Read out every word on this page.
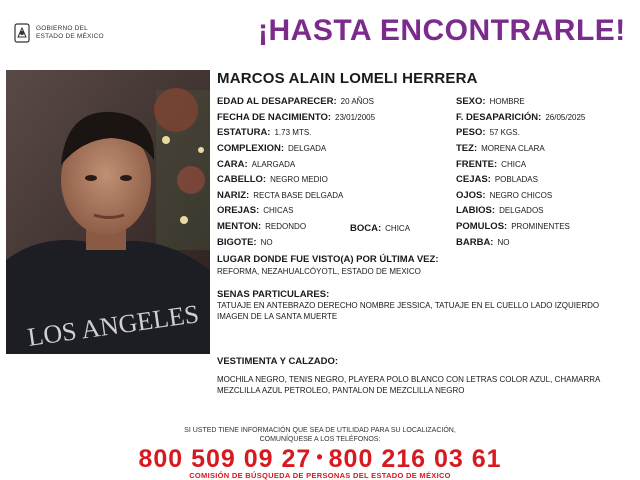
GOBIERNO DEL
ESTADO DE MÉXICO	¡HASTA ENCONTRARLE!
LOS ANGELES
MARCOS ALAIN LOMELI HERRERA
EDAD AL DESAPARECER: 20 AÑOS	SEXO: HOMBRE
FECHA DE NACIMIENTO: 23/01/2005	F. DESAPARICIÓN: 26/05/2025
ESTATURA: 1.73 MTS.	PESO: 57 KGS.
COMPLEXION: DELGADA	TEZ: MORENA CLARA
CARA: ALARGADA	FRENTE: CHICA
CABELLO: NEGRO MEDIO	CEJAS: POBLADAS
NARIZ: RECTA BASE DELGADA	OJOS: NEGRO CHICOS
OREJAS: CHICAS	LABIOS: DELGADOS
MENTON: REDONDO	BOCA: CHICA	POMULOS: PROMINENTES
BIGOTE: NO	BARBA: NO
LUGAR DONDE FUE VISTO(A) POR ÚLTIMA VEZ:
REFORMA, NEZAHUALCÓYOTL, ESTADO DE MEXICO
SENAS PARTICULARES:
TATUAJE EN ANTEBRAZO DERECHO NOMBRE JESSICA, TATUAJE EN EL CUELLO LADO IZQUIERDO IMAGEN DE LA SANTA MUERTE
VESTIMENTA Y CALZADO:
MOCHILA NEGRO, TENIS NEGRO, PLAYERA POLO BLANCO CON LETRAS COLOR AZUL, CHAMARRA MEZCLILLA AZUL PETROLEO, PANTALON DE MEZCLILLA NEGRO
SI USTED TIENE INFORMACIÓN QUE SEA DE UTILIDAD PARA SU LOCALIZACIÓN,
COMUNÍQUESE A LOS TELÉFONOS:
800 509 09 27 • 800 216 03 61
COMISIÓN DE BÚSQUEDA DE PERSONAS DEL ESTADO DE MÉXICO
